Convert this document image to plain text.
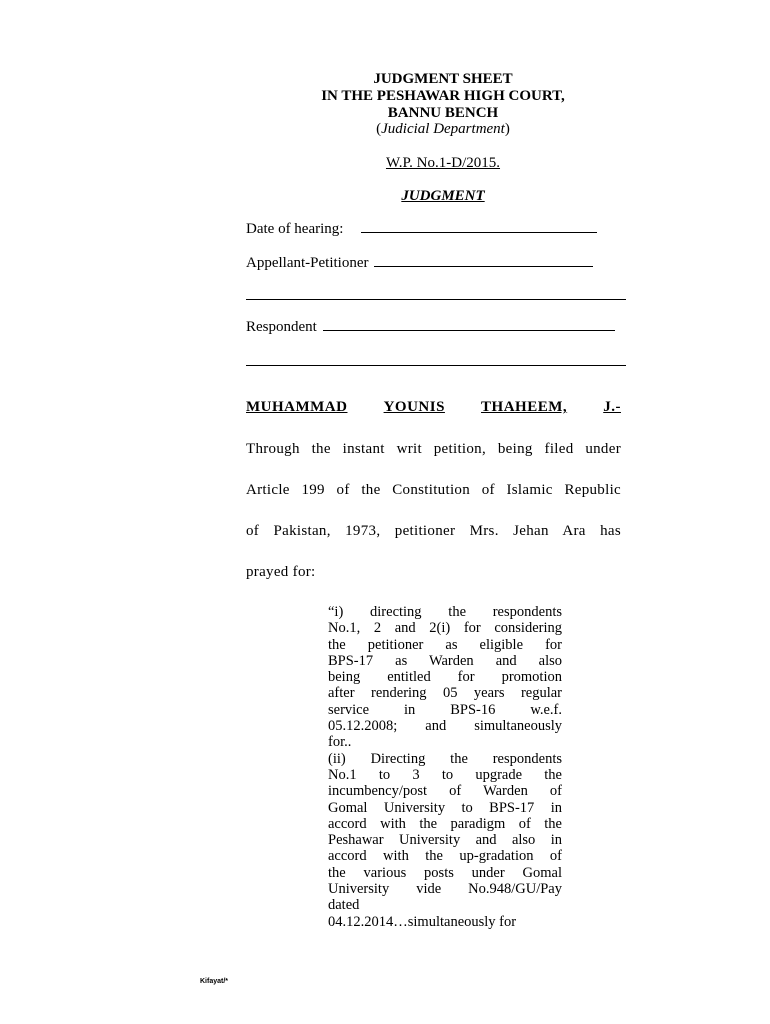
JUDGMENT SHEET
IN THE PESHAWAR HIGH COURT,
BANNU BENCH
(Judicial Department)
W.P. No.1-D/2015.
JUDGMENT
Date of hearing:
Appellant-Petitioner
Respondent
MUHAMMAD YOUNIS THAHEEM, J.-
Through the instant writ petition, being filed under
Article 199 of the Constitution of Islamic Republic
of Pakistan, 1973, petitioner Mrs. Jehan Ara has
prayed for:
“i) directing the respondents
No.1, 2 and 2(i) for considering
the petitioner as eligible for
BPS-17 as Warden and also
being entitled for promotion
after rendering 05 years regular
service in BPS-16 w.e.f.
05.12.2008; and simultaneously
for..
(ii) Directing the respondents
No.1 to 3 to upgrade the
incumbency/post of Warden of
Gomal University to BPS-17 in
accord with the paradigm of the
Peshawar University and also in
accord with the up-gradation of
the various posts under Gomal
University vide No.948/GU/Pay
dated
04.12.2014…simultaneously for
Kifayat/*
